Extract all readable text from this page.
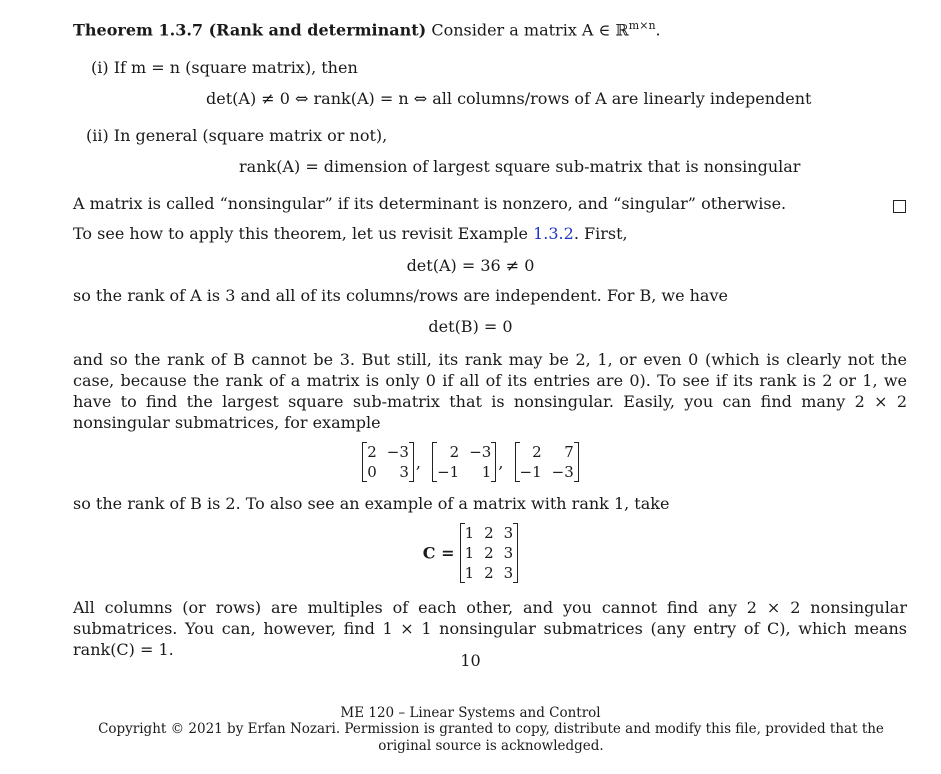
Theorem 1.3.7 (Rank and determinant) Consider a matrix A ∈ ℝ$^{m\times n}$.
(i) If m = n (square matrix), then
det(A) ≠ 0 ⇔ rank(A) = n ⇔ all columns/rows of A are linearly independent
(ii) In general (square matrix or not),
rank(A) = dimension of largest square sub-matrix that is nonsingular
A matrix is called “nonsingular” if its determinant is nonzero, and “singular” otherwise.
To see how to apply this theorem, let us revisit Example 1.3.2. First,
det(A) = 36 ≠ 0
so the rank of A is 3 and all of its columns/rows are independent. For B, we have
det(B) = 0
and so the rank of B cannot be 3. But still, its rank may be 2, 1, or even 0 (which is clearly not the case, because the rank of a matrix is only 0 if all of its entries are 0). To see if its rank is 2 or 1, we have to find the largest square sub-matrix that is nonsingular. Easily, you can find many 2 × 2 nonsingular submatrices, for example
2	−3
0	3
,
2	−3
−1	1
,
2	7
−1	−3
so the rank of B is 2. To also see an example of a matrix with rank 1, take
C =
1	2	3
1	2	3
1	2	3
All columns (or rows) are multiples of each other, and you cannot find any 2 × 2 nonsingular submatrices. You can, however, find 1 × 1 nonsingular submatrices (any entry of C), which means rank(C) = 1.
10
ME 120 – Linear Systems and Control
Copyright © 2021 by Erfan Nozari. Permission is granted to copy, distribute and modify this file, provided that the original source is acknowledged.
